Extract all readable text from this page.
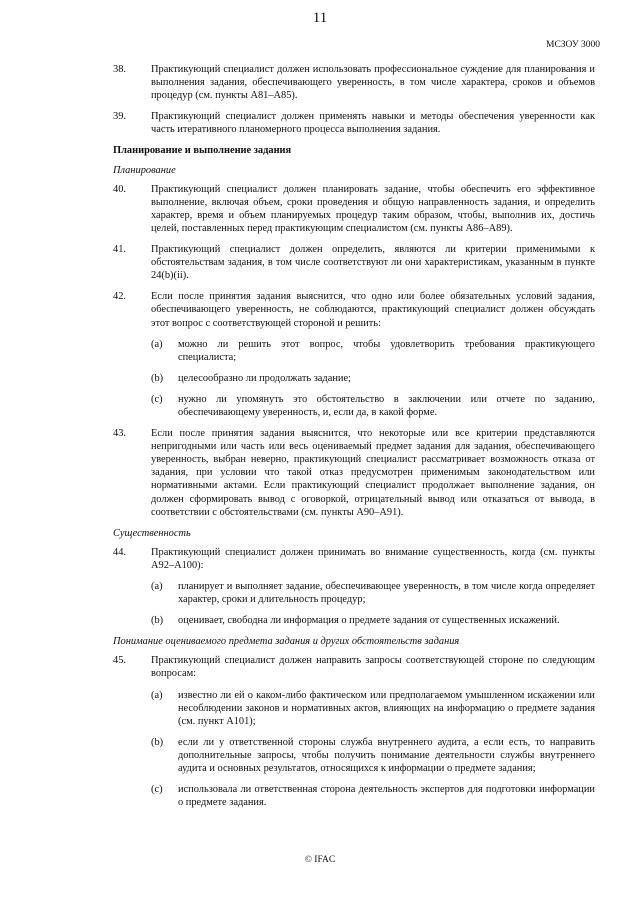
11
МСЗОУ 3000
38. Практикующий специалист должен использовать профессиональное суждение для планирования и выполнения задания, обеспечивающего уверенность, в том числе характера, сроков и объемов процедур (см. пункты А81–А85).
39. Практикующий специалист должен применять навыки и методы обеспечения уверенности как часть итеративного планомерного процесса выполнения задания.
Планирование и выполнение задания
Планирование
40. Практикующий специалист должен планировать задание, чтобы обеспечить его эффективное выполнение, включая объем, сроки проведения и общую направленность задания, и определить характер, время и объем планируемых процедур таким образом, чтобы, выполнив их, достичь целей, поставленных перед практикующим специалистом (см. пункты А86–А89).
41. Практикующий специалист должен определить, являются ли критерии применимыми к обстоятельствам задания, в том числе соответствуют ли они характеристикам, указанным в пункте 24(b)(ii).
42. Если после принятия задания выяснится, что одно или более обязательных условий задания, обеспечивающего уверенность, не соблюдаются, практикующий специалист должен обсуждать этот вопрос с соответствующей стороной и решить:
(a) можно ли решить этот вопрос, чтобы удовлетворить требования практикующего специалиста;
(b) целесообразно ли продолжать задание;
(c) нужно ли упомянуть это обстоятельство в заключении или отчете по заданию, обеспечивающему уверенность, и, если да, в какой форме.
43. Если после принятия задания выяснится, что некоторые или все критерии представляются непригодными или часть или весь оцениваемый предмет задания для задания, обеспечивающего уверенность, выбран неверно, практикующий специалист рассматривает возможность отказа от задания, при условии что такой отказ предусмотрен применимым законодательством или нормативными актами. Если практикующий специалист продолжает выполнение задания, он должен сформировать вывод с оговоркой, отрицательный вывод или отказаться от вывода, в соответствии с обстоятельствами (см. пункты А90–А91).
Существенность
44. Практикующий специалист должен принимать во внимание существенность, когда (см. пункты А92–А100):
(a) планирует и выполняет задание, обеспечивающее уверенность, в том числе когда определяет характер, сроки и длительность процедур;
(b) оценивает, свободна ли информация о предмете задания от существенных искажений.
Понимание оцениваемого предмета задания и других обстоятельств задания
45. Практикующий специалист должен направить запросы соответствующей стороне по следующим вопросам:
(a) известно ли ей о каком-либо фактическом или предполагаемом умышленном искажении или несоблюдении законов и нормативных актов, влияющих на информацию о предмете задания (см. пункт А101);
(b) если ли у ответственной стороны служба внутреннего аудита, а если есть, то направить дополнительные запросы, чтобы получить понимание деятельности службы внутреннего аудита и основных результатов, относящихся к информации о предмете задания;
(c) использовала ли ответственная сторона деятельность экспертов для подготовки информации о предмете задания.
© IFAC
